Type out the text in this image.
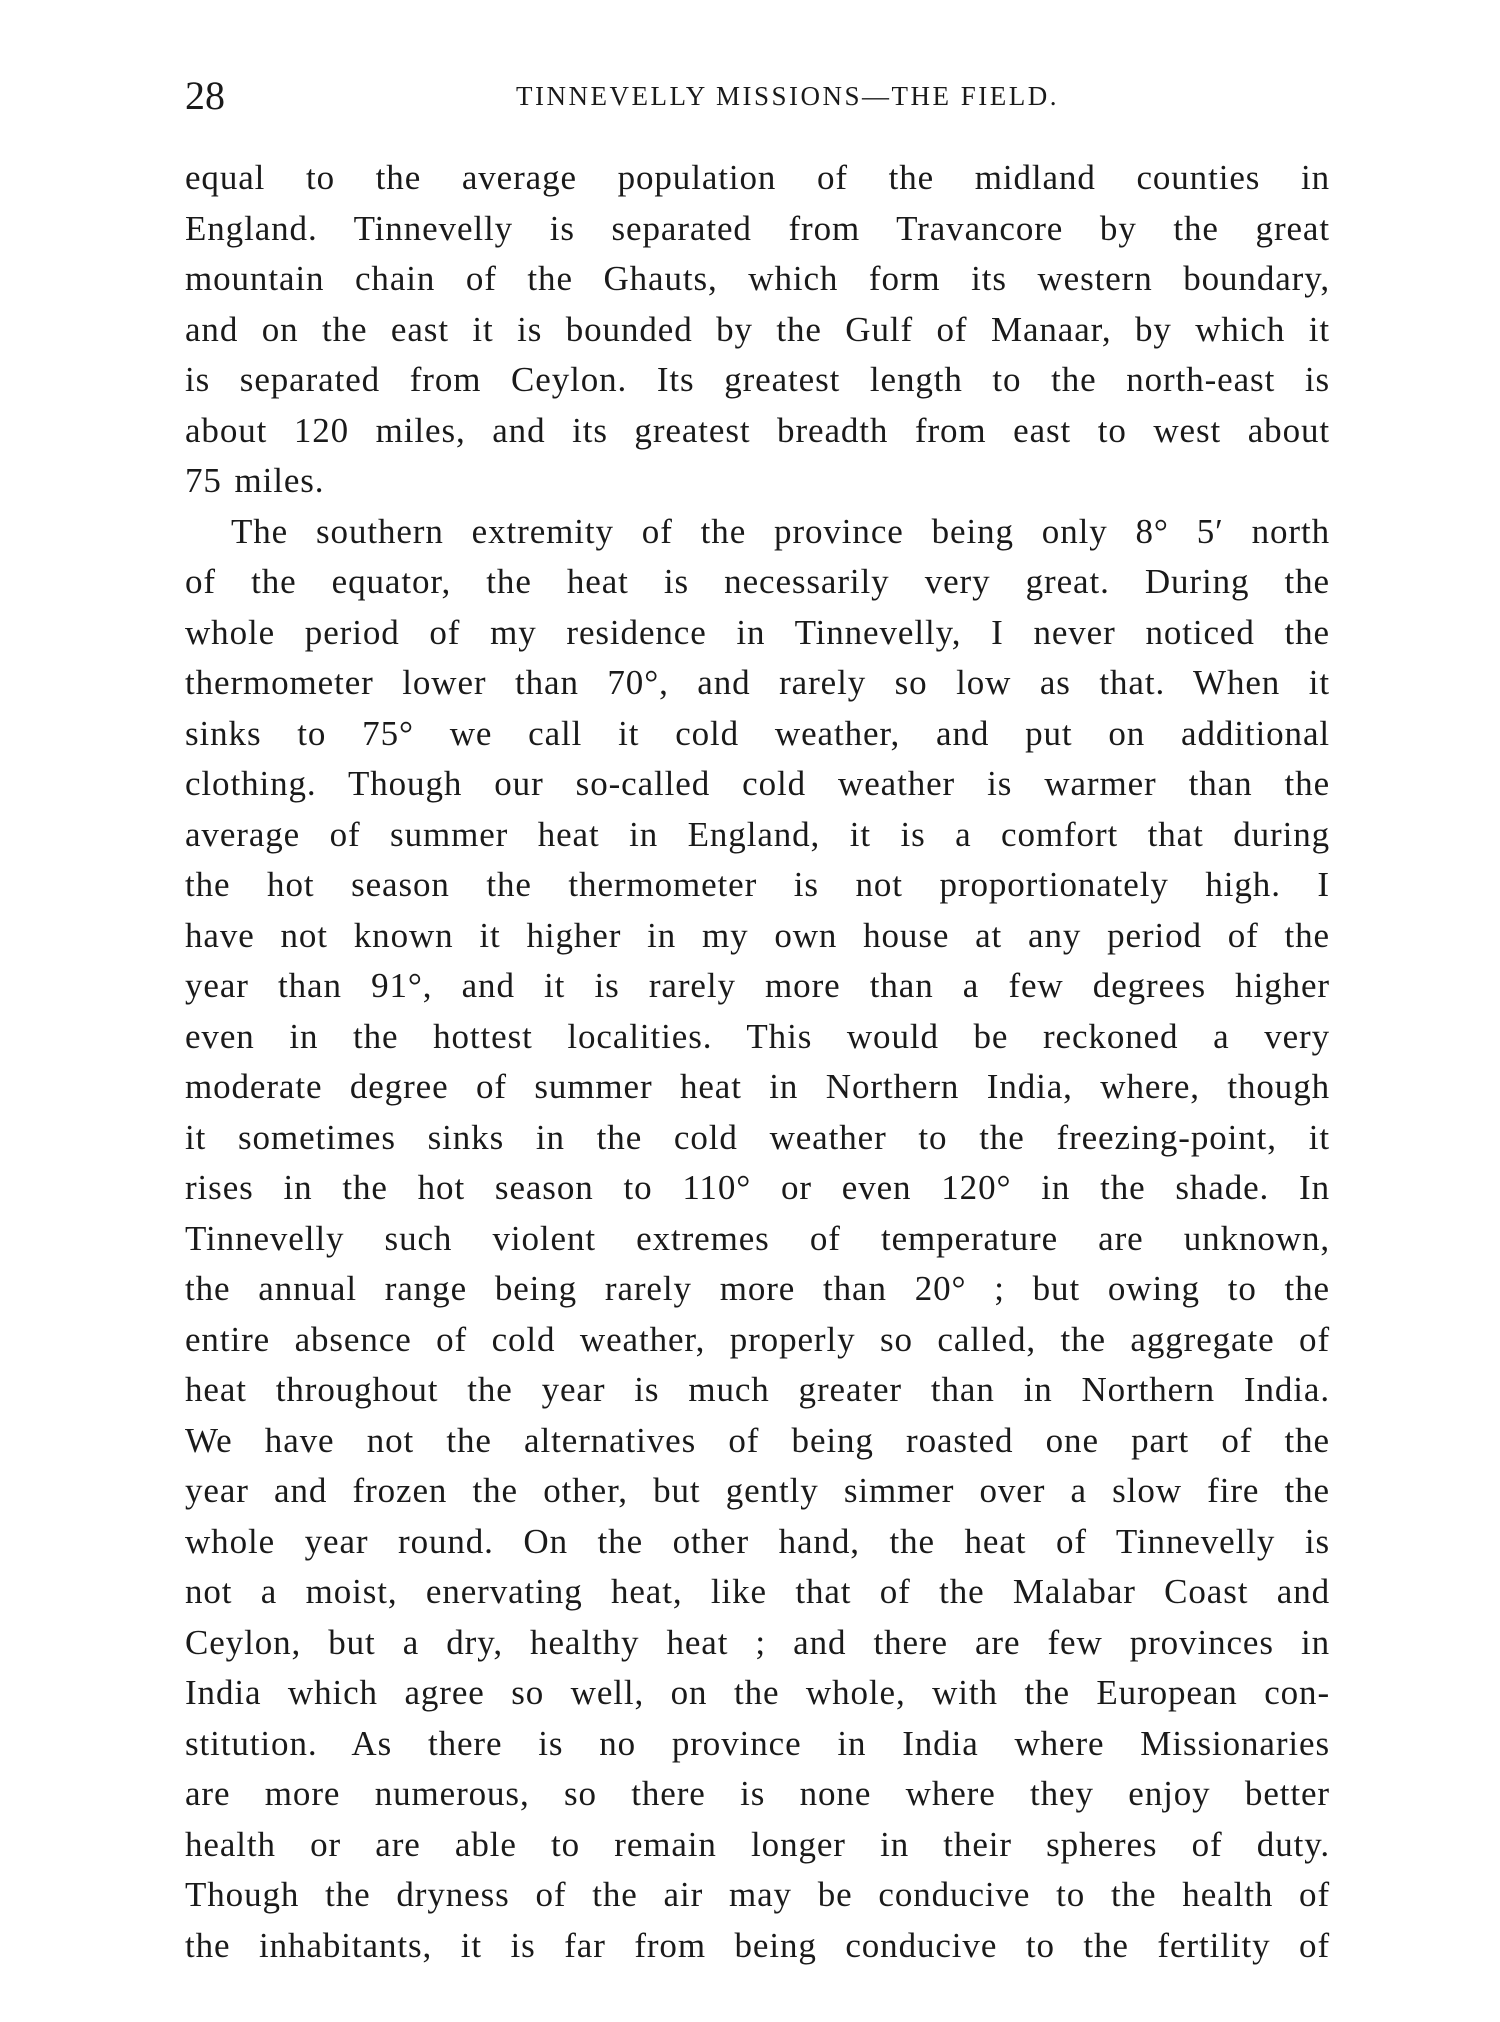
28	TINNEVELLY MISSIONS—THE FIELD.
equal to the average population of the midland counties in
England. Tinnevelly is separated from Travancore by the great
mountain chain of the Ghauts, which form its western boundary,
and on the east it is bounded by the Gulf of Manaar, by which it
is separated from Ceylon. Its greatest length to the north-east is
about 120 miles, and its greatest breadth from east to west about
75 miles.
The southern extremity of the province being only 8° 5′ north
of the equator, the heat is necessarily very great. During the
whole period of my residence in Tinnevelly, I never noticed the
thermometer lower than 70°, and rarely so low as that. When it
sinks to 75° we call it cold weather, and put on additional
clothing. Though our so-called cold weather is warmer than the
average of summer heat in England, it is a comfort that during
the hot season the thermometer is not proportionately high. I
have not known it higher in my own house at any period of the
year than 91°, and it is rarely more than a few degrees higher
even in the hottest localities. This would be reckoned a very
moderate degree of summer heat in Northern India, where, though
it sometimes sinks in the cold weather to the freezing-point, it
rises in the hot season to 110° or even 120° in the shade. In
Tinnevelly such violent extremes of temperature are unknown,
the annual range being rarely more than 20° ; but owing to the
entire absence of cold weather, properly so called, the aggregate of
heat throughout the year is much greater than in Northern India.
We have not the alternatives of being roasted one part of the
year and frozen the other, but gently simmer over a slow fire the
whole year round. On the other hand, the heat of Tinnevelly is
not a moist, enervating heat, like that of the Malabar Coast and
Ceylon, but a dry, healthy heat ; and there are few provinces in
India which agree so well, on the whole, with the European con-
stitution. As there is no province in India where Missionaries
are more numerous, so there is none where they enjoy better
health or are able to remain longer in their spheres of duty.
Though the dryness of the air may be conducive to the health of
the inhabitants, it is far from being conducive to the fertility of
